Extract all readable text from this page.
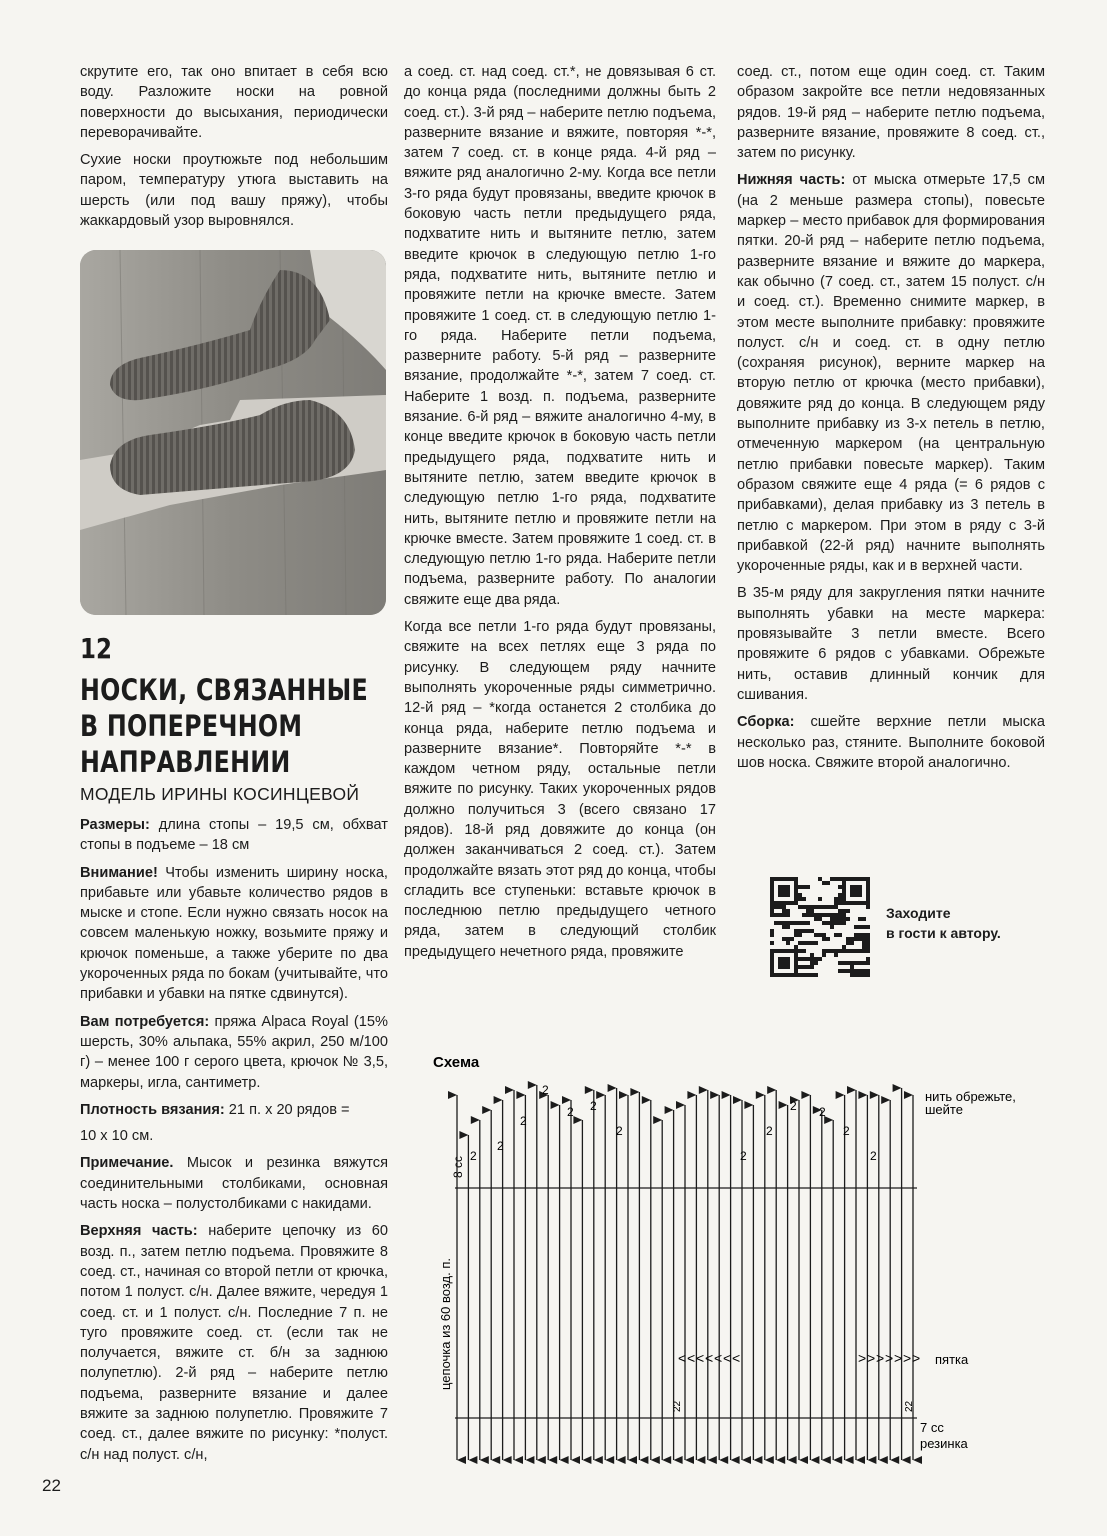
скрутите его, так оно впитает в себя всю воду. Разложите носки на ровной поверхности до высыхания, периодически переворачивайте.

Сухие носки проутюжьте под небольшим паром, температуру утюга выставить на шерсть (или под вашу пряжу), чтобы жаккардовый узор выровнялся.

12
НОСКИ, СВЯЗАННЫЕ
В ПОПЕРЕЧНОМ
НАПРАВЛЕНИИ
МОДЕЛЬ ИРИНЫ КОСИНЦЕВОЙ

Размеры: длина стопы – 19,5 см, обхват стопы в подъеме – 18 см

Внимание! Чтобы изменить ширину носка, прибавьте или убавьте количество рядов в мыске и стопе. Если нужно связать носок на совсем маленькую ножку, возьмите пряжу и крючок поменьше, а также уберите по два укороченных ряда по бокам (учитывайте, что прибавки и убавки на пятке сдвинутся).

Вам потребуется: пряжа Alpaca Royal (15% шерсть, 30% альпака, 55% акрил, 250 м/100 г) – менее 100 г серого цвета, крючок № 3,5, маркеры, игла, сантиметр.

Плотность вязания: 21 п. х 20 рядов =

10 х 10 см.

Примечание. Мысок и резинка вяжутся соединительными столбиками, основная часть носка – полустолбиками с накидами.

Верхняя часть: наберите цепочку из 60 возд. п., затем петлю подъема. Провяжите 8 соед. ст., начиная со второй петли от крючка, потом 1 полуст. с/н. Далее вяжите, чередуя 1 соед. ст. и 1 полуст. с/н. Последние 7 п. не туго провяжите соед. ст. (если так не получается, вяжите ст. б/н за заднюю полупетлю). 2-й ряд – наберите петлю подъема, разверните вязание и далее вяжите за заднюю полупетлю. Провяжите 7 соед. ст., далее вяжите по рисунку: *полуст. с/н над полуст. с/н,

а соед. ст. над соед. ст.*, не довязывая 6 ст. до конца ряда (последними должны быть 2 соед. ст.). 3-й ряд – наберите петлю подъема, разверните вязание и вяжите, повторяя *-*, затем 7 соед. ст. в конце ряда. 4-й ряд – вяжите ряд аналогично 2-му. Когда все петли 3-го ряда будут провязаны, введите крючок в боковую часть петли предыдущего ряда, подхватите нить и вытяните петлю, затем введите крючок в следующую петлю 1-го ряда, подхватите нить, вытяните петлю и провяжите петли на крючке вместе. Затем провяжите 1 соед. ст. в следующую петлю 1-го ряда. Наберите петли подъема, разверните работу. 5-й ряд – разверните вязание, продолжайте *-*, затем 7 соед. ст. Наберите 1 возд. п. подъема, разверните вязание. 6-й ряд – вяжите аналогично 4-му, в конце введите крючок в боковую часть петли предыдущего ряда, подхватите нить и вытяните петлю, затем введите крючок в следующую петлю 1-го ряда, подхватите нить, вытяните петлю и провяжите петли на крючке вместе. Затем провяжите 1 соед. ст. в следующую петлю 1-го ряда. Наберите петли подъема, разверните работу. По аналогии свяжите еще два ряда.

Когда все петли 1-го ряда будут провязаны, свяжите на всех петлях еще 3 ряда по рисунку. В следующем ряду начните выполнять укороченные ряды симметрично. 12-й ряд – *когда останется 2 столбика до конца ряда, наберите петлю подъема и разверните вязание*. Повторяйте *-* в каждом четном ряду, остальные петли вяжите по рисунку. Таких укороченных рядов должно получиться 3 (всего связано 17 рядов). 18-й ряд довяжите до конца (он должен заканчиваться 2 соед. ст.). Затем продолжайте вязать этот ряд до конца, чтобы сгладить все ступеньки: вставьте крючок в последнюю петлю предыдущего четного ряда, затем в следующий столбик предыдущего нечетного ряда, провяжите

соед. ст., потом еще один соед. ст. Таким образом закройте все петли недовязанных рядов. 19-й ряд – наберите петлю подъема, разверните вязание, провяжите 8 соед. ст., затем по рисунку.

Нижняя часть: от мыска отмерьте 17,5 см (на 2 меньше размера стопы), повесьте маркер – место прибавок для формирования пятки. 20-й ряд – наберите петлю подъема, разверните вязание и вяжите до маркера, как обычно (7 соед. ст., затем 15 полуст. с/н и соед. ст.). Временно снимите маркер, в этом месте выполните прибавку: провяжите полуст. с/н и соед. ст. в одну петлю (сохраняя рисунок), верните маркер на вторую петлю от крючка (место прибавки), довяжите ряд до конца. В следующем ряду выполните прибавку из 3-х петель в петлю, отмеченную маркером (на центральную петлю прибавки повесьте маркер). Таким образом свяжите еще 4 ряда (= 6 рядов с прибавками), делая прибавку из 3 петель в петлю с маркером. При этом в ряду с 3-й прибавкой (22-й ряд) начните выполнять укороченные ряды, как и в верхней части.

В 35-м ряду для закругления пятки начните выполнять убавки на месте маркера: провязывайте 3 петли вместе. Всего провяжите 6 рядов с убавками. Обрежьте нить, оставив длинный кончик для сшивания.

Сборка: сшейте верхние петли мыска несколько раз, стяните. Выполните боковой шов носка. Свяжите второй аналогично.

Заходите
в гости к автору.
Схема
нить обрежьте,
шейте
8 сс
цепочка из 60 возд. п.	пятка
7 сс
резинка
22	22
<	>
<	>
<	>
<	>
<	>
<	>
<	>
2
2
2
2
2 2
2
2
2
2 2
2
2
22
